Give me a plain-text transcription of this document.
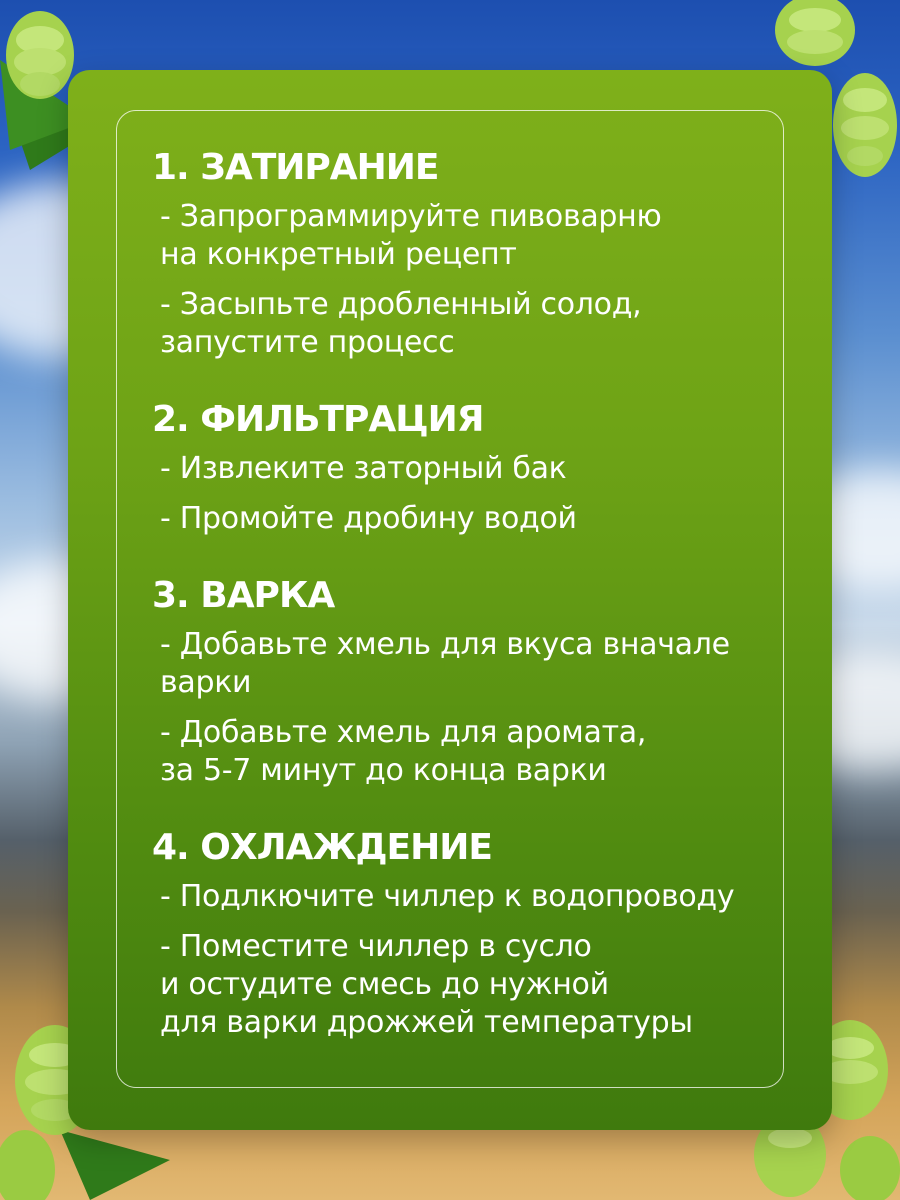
1. ЗАТИРАНИЕ
- Запрограммируйте пивоварню
на конкретный рецепт
- Засыпьте дробленный солод,
запустите процесс
2. ФИЛЬТРАЦИЯ
- Извлеките заторный бак
- Промойте дробину водой
3. ВАРКА
- Добавьте хмель для вкуса вначале
варки
- Добавьте хмель для аромата,
за 5-7 минут до конца варки
4. ОХЛАЖДЕНИЕ
- Подлкючите чиллер к водопроводу
- Поместите чиллер в сусло
и остудите смесь до нужной
для варки дрожжей температуры
